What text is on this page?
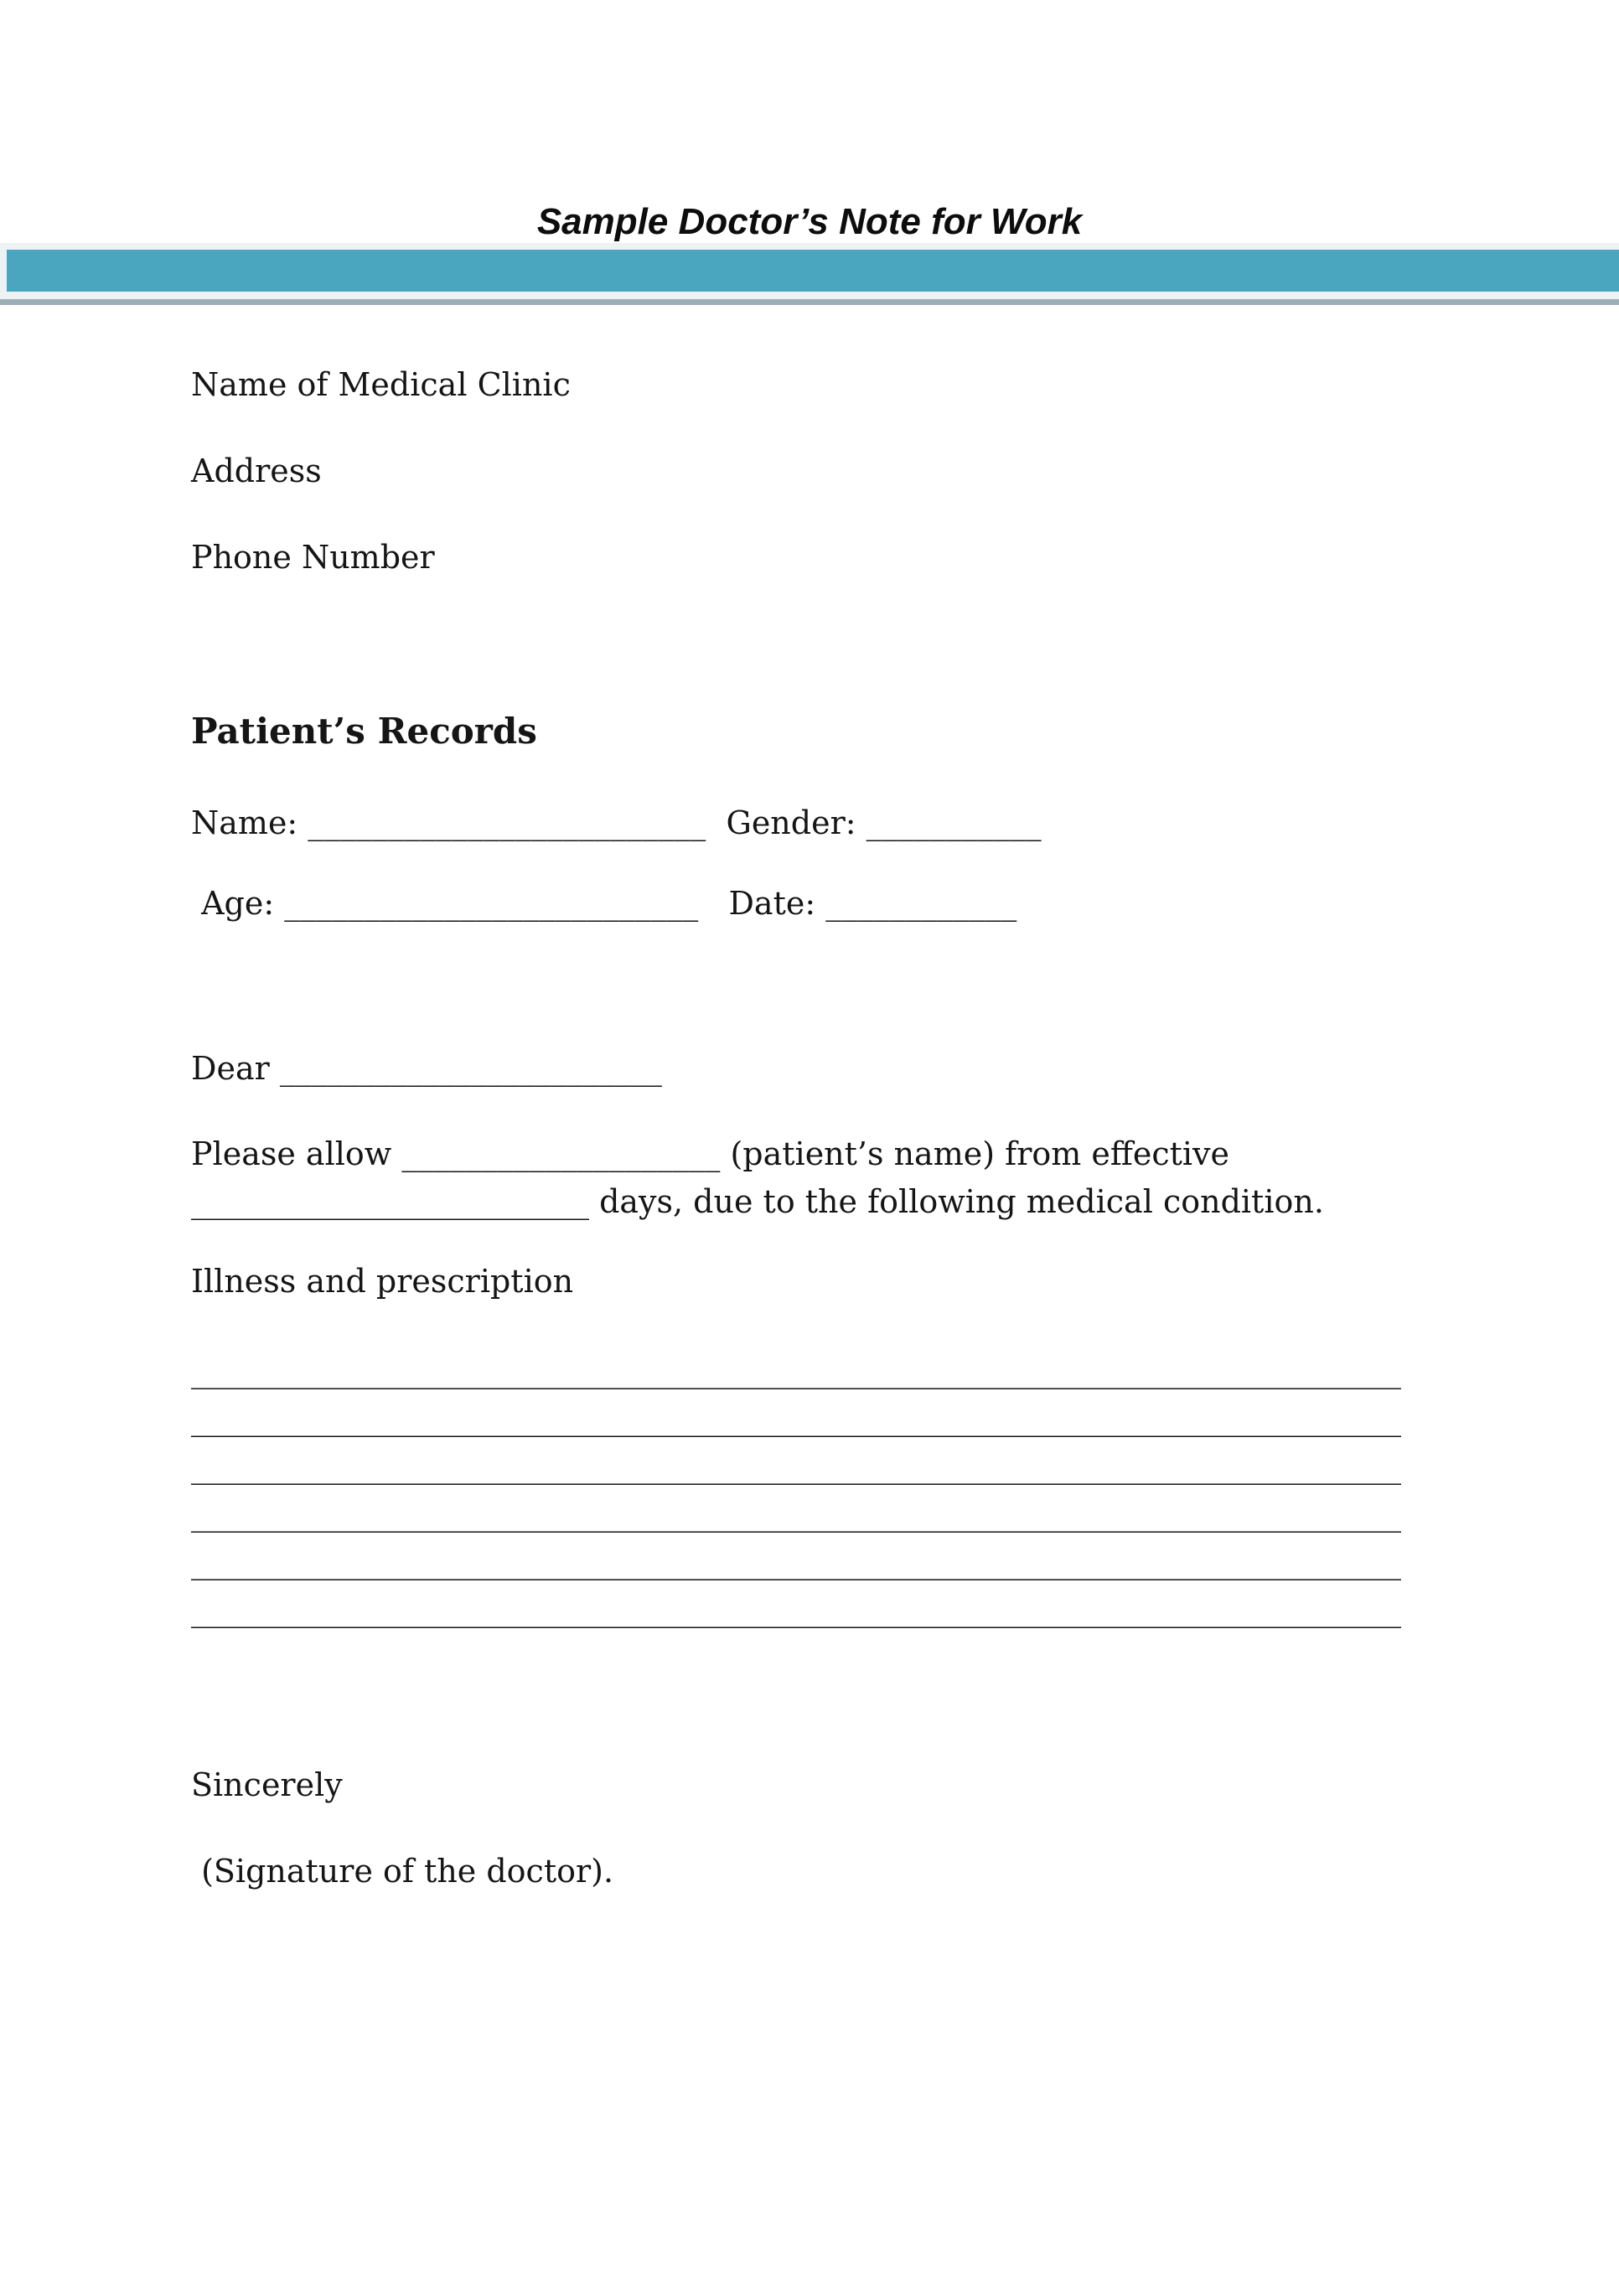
Sample Doctor’s Note for Work
Name of Medical Clinic
Address
Phone Number
Patient’s Records
Name: _________________________  Gender: ___________
Age: __________________________   Date: ____________
Dear ________________________
Please allow ____________________ (patient’s name) from effective
_________________________ days, due to the following medical condition.
Illness and prescription
____________________________________________________________________________
____________________________________________________________________________
____________________________________________________________________________
____________________________________________________________________________
____________________________________________________________________________
____________________________________________________________________________
Sincerely
(Signature of the doctor).
